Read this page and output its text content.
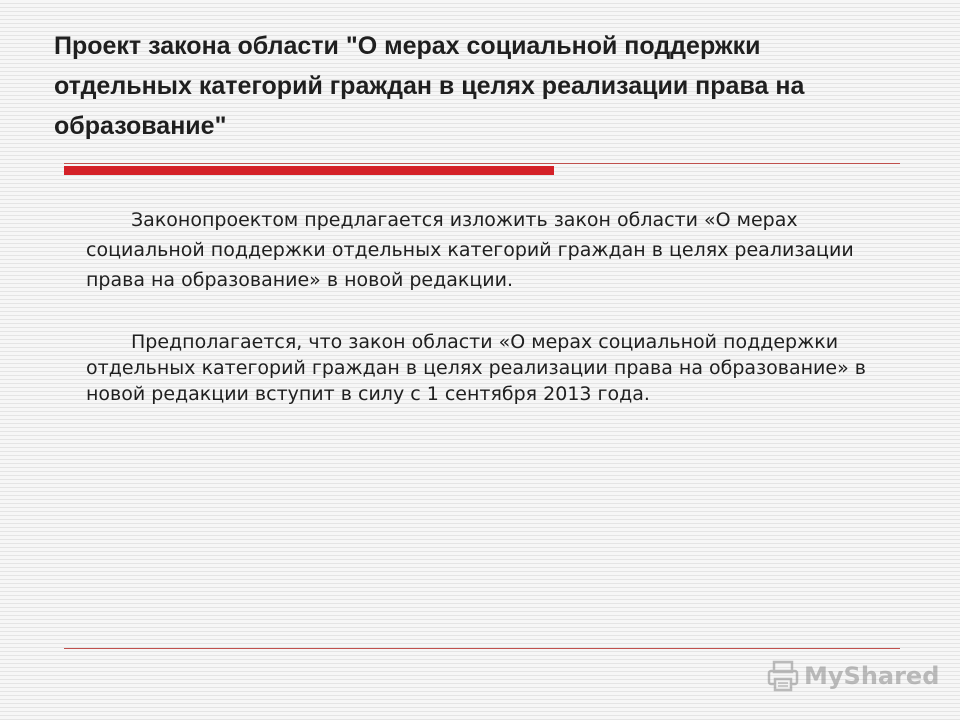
Проект закона области "О мерах социальной поддержки отдельных категорий граждан в целях реализации права на образование"

Законопроектом предлагается изложить закон области «О мерах социальной поддержки отдельных категорий граждан в целях реализации права на образование» в новой редакции.

Предполагается, что закон области «О мерах социальной поддержки отдельных категорий граждан в целях реализации права на образование» в новой редакции вступит в силу с 1 сентября 2013 года.

MyShared
